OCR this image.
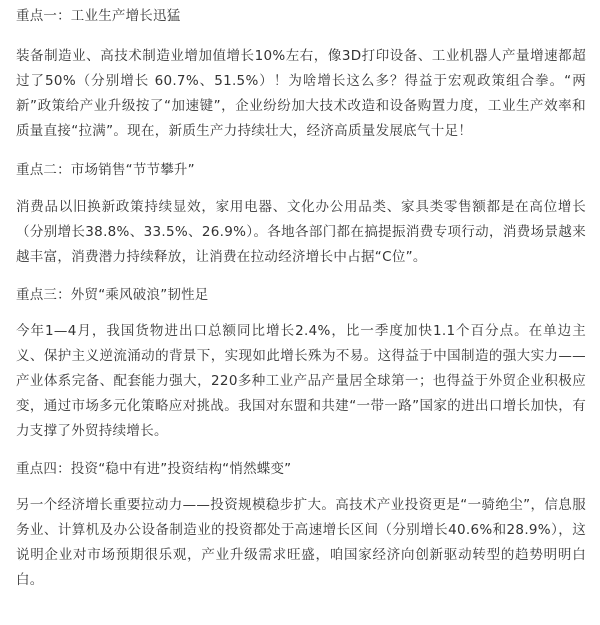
重点一：工业生产增长迅猛

装备制造业、高技术制造业增加值增长10%左右，像3D打印设备、工业机器人产量增速都超过了50%（分别增长 60.7%、51.5%）！为啥增长这么多？得益于宏观政策组合拳。“两新”政策给产业升级按了“加速键”，企业纷纷加大技术改造和设备购置力度，工业生产效率和质量直接“拉满”。现在，新质生产力持续壮大，经济高质量发展底气十足！

重点二：市场销售“节节攀升”

消费品以旧换新政策持续显效，家用电器、文化办公用品类、家具类零售额都是在高位增长（分别增长38.8%、33.5%、26.9%）。各地各部门都在搞提振消费专项行动，消费场景越来越丰富，消费潜力持续释放，让消费在拉动经济增长中占据“C位”。

重点三：外贸“乘风破浪”韧性足

今年1—4月，我国货物进出口总额同比增长2.4%，比一季度加快1.1个百分点。在单边主义、保护主义逆流涌动的背景下，实现如此增长殊为不易。这得益于中国制造的强大实力——产业体系完备、配套能力强大，220多种工业产品产量居全球第一；也得益于外贸企业积极应变，通过市场多元化策略应对挑战。我国对东盟和共建“一带一路”国家的进出口增长加快，有力支撑了外贸持续增长。

重点四：投资“稳中有进”投资结构“悄然蝶变”

另一个经济增长重要拉动力——投资规模稳步扩大。高技术产业投资更是“一骑绝尘”，信息服务业、计算机及办公设备制造业的投资都处于高速增长区间（分别增长40.6%和28.9%），这说明企业对市场预期很乐观，产业升级需求旺盛，咱国家经济向创新驱动转型的趋势明明白白。
